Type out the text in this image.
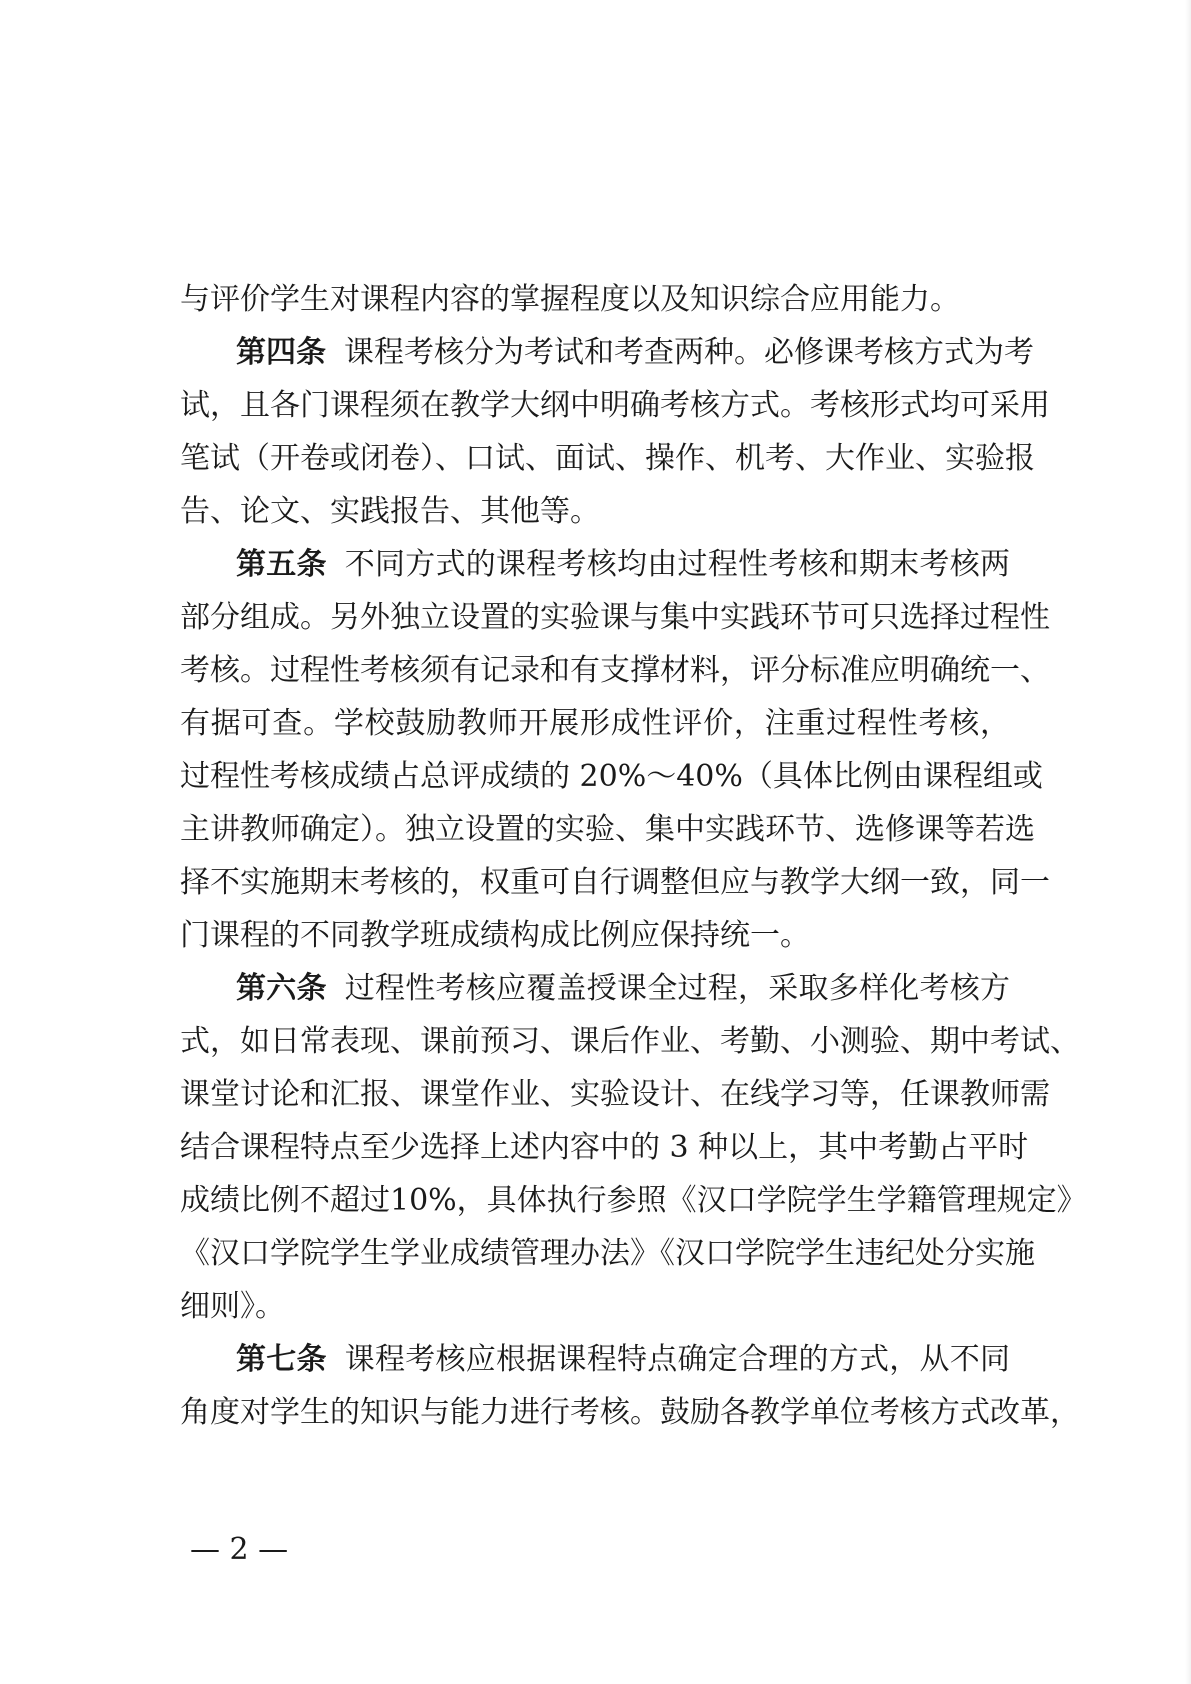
与评价学生对课程内容的掌握程度以及知识综合应用能力。
第四条 课程考核分为考试和考查两种。必修课考核方式为考
试，且各门课程须在教学大纲中明确考核方式。考核形式均可采用
笔试（开卷或闭卷）、口试、面试、操作、机考、大作业、实验报
告、论文、实践报告、其他等。
第五条 不同方式的课程考核均由过程性考核和期末考核两
部分组成。另外独立设置的实验课与集中实践环节可只选择过程性
考核。过程性考核须有记录和有支撑材料，评分标准应明确统一、
有据可查。学校鼓励教师开展形成性评价，注重过程性考核，
过程性考核成绩占总评成绩的 20%～40%（具体比例由课程组或
主讲教师确定）。独立设置的实验、集中实践环节、选修课等若选
择不实施期末考核的，权重可自行调整但应与教学大纲一致，同一
门课程的不同教学班成绩构成比例应保持统一。
第六条 过程性考核应覆盖授课全过程，采取多样化考核方
式，如日常表现、课前预习、课后作业、考勤、小测验、期中考试、
课堂讨论和汇报、课堂作业、实验设计、在线学习等，任课教师需
结合课程特点至少选择上述内容中的 3 种以上，其中考勤占平时
成绩比例不超过10%，具体执行参照《汉口学院学生学籍管理规定》
《汉口学院学生学业成绩管理办法》《汉口学院学生违纪处分实施
细则》。
第七条 课程考核应根据课程特点确定合理的方式，从不同
角度对学生的知识与能力进行考核。鼓励各教学单位考核方式改革，
— 2 —
